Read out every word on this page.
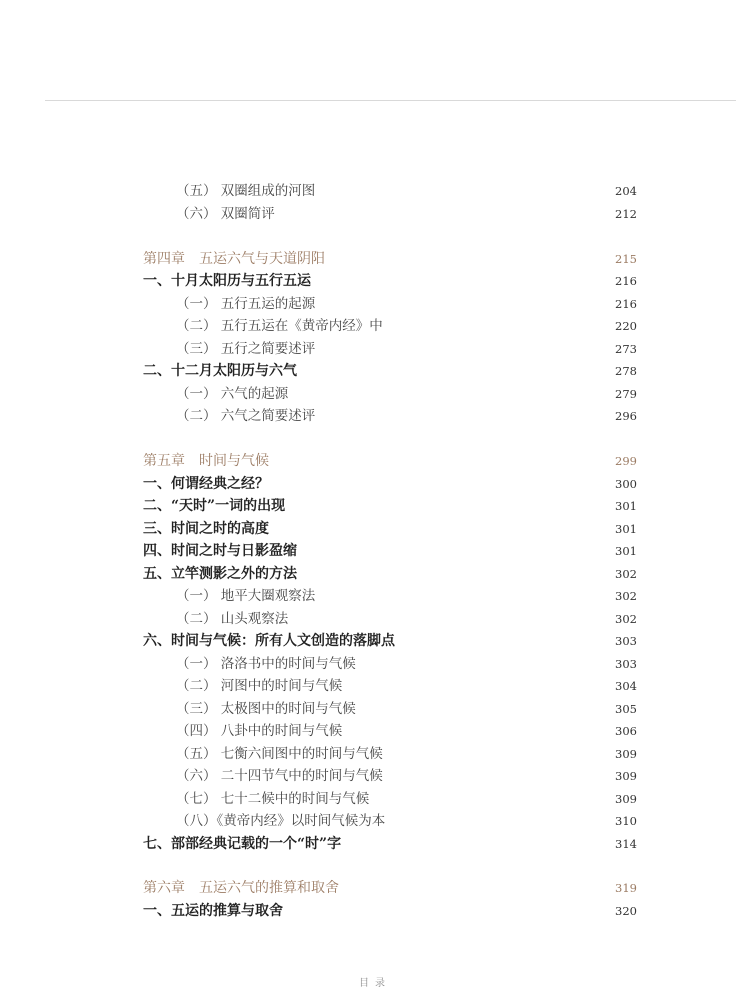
（五） 双圈组成的河图	204
（六） 双圈简评	212
第四章　五运六气与天道阴阳	215
一、十月太阳历与五行五运	216
（一） 五行五运的起源	216
（二） 五行五运在《黄帝内经》中	220
（三） 五行之简要述评	273
二、十二月太阳历与六气	278
（一） 六气的起源	279
（二） 六气之简要述评	296
第五章　时间与气候	299
一、何谓经典之经？	300
二、“天时”一词的出现	301
三、时间之时的高度	301
四、时间之时与日影盈缩	301
五、立竿测影之外的方法	302
（一） 地平大圈观察法	302
（二） 山头观察法	302
六、时间与气候：所有人文创造的落脚点	303
（一） 洛洛书中的时间与气候	303
（二） 河图中的时间与气候	304
（三） 太极图中的时间与气候	305
（四） 八卦中的时间与气候	306
（五） 七衡六间图中的时间与气候	309
（六） 二十四节气中的时间与气候	309
（七） 七十二候中的时间与气候	309
（八）《黄帝内经》以时间气候为本	310
七、部部经典记载的一个“时”字	314
第六章　五运六气的推算和取舍	319
一、五运的推算与取舍	320
目录
